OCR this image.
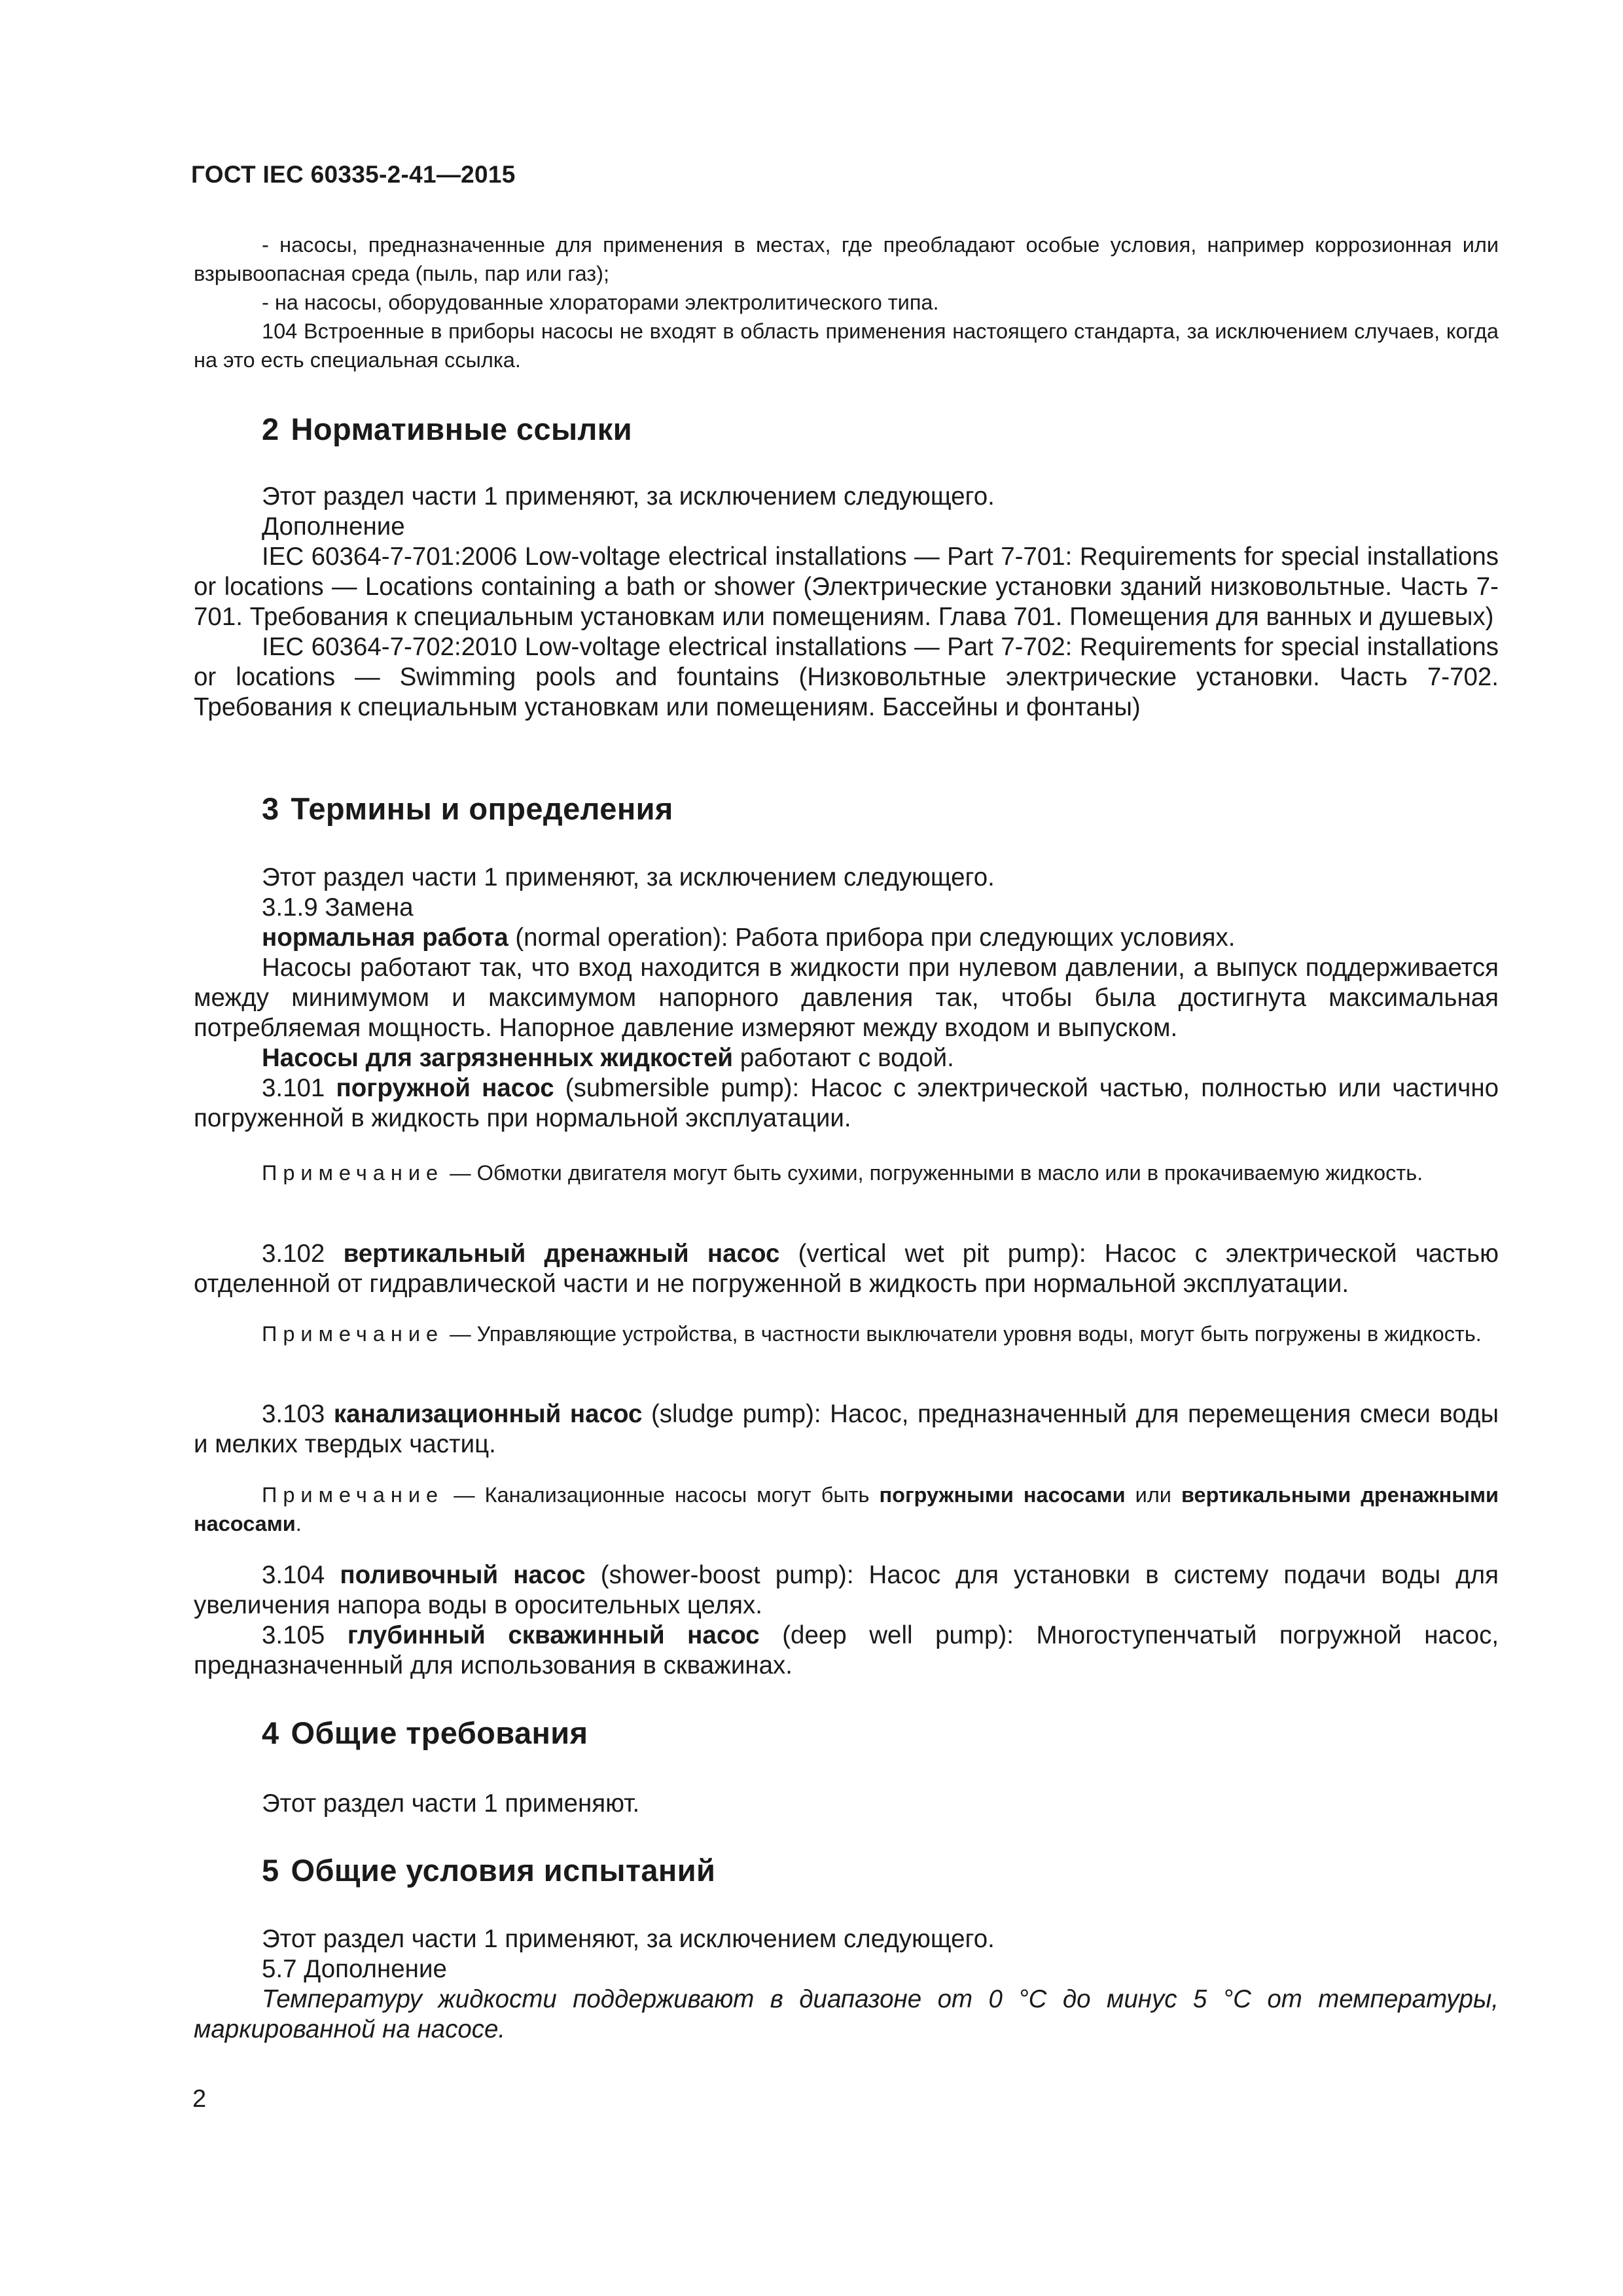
ГОСТ IEC 60335-2-41—2015

- насосы, предназначенные для применения в местах, где преобладают особые условия, например коррозионная или взрывоопасная среда (пыль, пар или газ);

- на насосы, оборудованные хлораторами электролитического типа.

104 Встроенные в приборы насосы не входят в область применения настоящего стандарта, за исключением случаев, когда на это есть специальная ссылка.

2 Нормативные ссылки

Этот раздел части 1 применяют, за исключением следующего.

Дополнение

IEC 60364-7-701:2006 Low-voltage electrical installations — Part 7-701: Requirements for special installations or locations — Locations containing a bath or shower (Электрические установки зданий низковольтные. Часть 7-701. Требования к специальным установкам или помещениям. Глава 701. Помещения для ванных и душевых)

IEC 60364-7-702:2010 Low-voltage electrical installations — Part 7-702: Requirements for special installations or locations — Swimming pools and fountains (Низковольтные электрические установки. Часть 7-702. Требования к специальным установкам или помещениям. Бассейны и фонтаны)

3 Термины и определения

Этот раздел части 1 применяют, за исключением следующего.

3.1.9 Замена

нормальная работа (normal operation): Работа прибора при следующих условиях.

Насосы работают так, что вход находится в жидкости при нулевом давлении, а выпуск поддерживается между минимумом и максимумом напорного давления так, чтобы была достигнута максимальная потребляемая мощность. Напорное давление измеряют между входом и выпуском.

Насосы для загрязненных жидкостей работают с водой.

3.101 погружной насос (submersible pump): Насос с электрической частью, полностью или частично погруженной в жидкость при нормальной эксплуатации.

Примечание — Обмотки двигателя могут быть сухими, погруженными в масло или в прокачиваемую жидкость.

3.102 вертикальный дренажный насос (vertical wet pit pump): Насос с электрической частью отделенной от гидравлической части и не погруженной в жидкость при нормальной эксплуатации.

Примечание — Управляющие устройства, в частности выключатели уровня воды, могут быть погружены в жидкость.

3.103 канализационный насос (sludge pump): Насос, предназначенный для перемещения смеси воды и мелких твердых частиц.

Примечание — Канализационные насосы могут быть погружными насосами или вертикальными дренажными насосами.

3.104 поливочный насос (shower-boost pump): Насос для установки в систему подачи воды для увеличения напора воды в оросительных целях.

3.105 глубинный скважинный насос (deep well pump): Многоступенчатый погружной насос, предназначенный для использования в скважинах.

4 Общие требования

Этот раздел части 1 применяют.

5 Общие условия испытаний

Этот раздел части 1 применяют, за исключением следующего.

5.7 Дополнение

Температуру жидкости поддерживают в диапазоне от 0 °С до минус 5 °С от температуры, маркированной на насосе.

2
